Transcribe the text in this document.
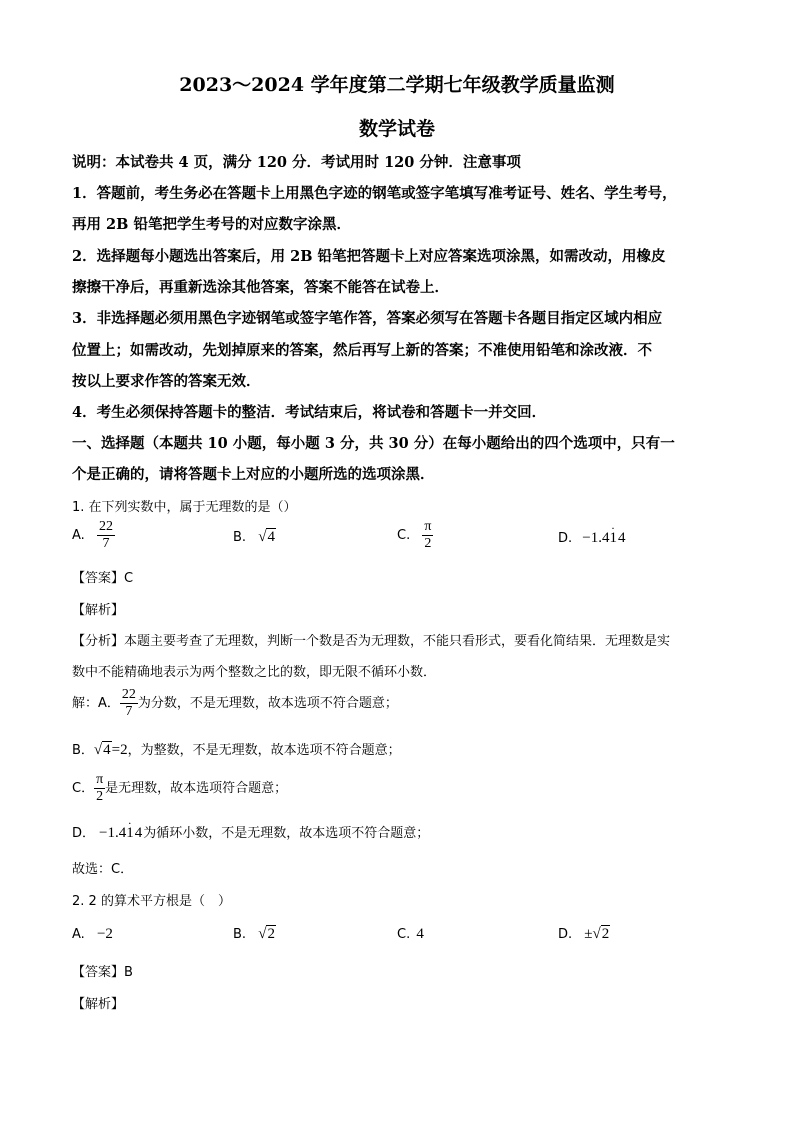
2023～2024 学年度第二学期七年级教学质量监测
数学试卷
说明：本试卷共 4 页，满分 120 分．考试用时 120 分钟．注意事项
1．答题前，考生务必在答题卡上用黑色字迹的钢笔或签字笔填写准考证号、姓名、学生考号，
再用 2B 铅笔把学生考号的对应数字涂黑．
2．选择题每小题选出答案后，用 2B 铅笔把答题卡上对应答案选项涂黑，如需改动，用橡皮
擦擦干净后，再重新选涂其他答案，答案不能答在试卷上．
3．非选择题必须用黑色字迹钢笔或签字笔作答，答案必须写在答题卡各题目指定区域内相应
位置上；如需改动，先划掉原来的答案，然后再写上新的答案；不准使用铅笔和涂改液．不
按以上要求作答的答案无效．
4．考生必须保持答题卡的整洁．考试结束后，将试卷和答题卡一并交回．
一、选择题（本题共 10 小题，每小题 3 分，共 30 分）在每小题给出的四个选项中，只有一
个是正确的，请将答题卡上对应的小题所选的选项涂黑．
1. 在下列实数中，属于无理数的是（）
A. $\frac{22}{7}$	B. √4	C. $\frac{\pi}{2}$	D. −1.4. 14
【答案】C
【解析】
【分析】本题主要考查了无理数，判断一个数是否为无理数，不能只看形式，要看化简结果．无理数是实
数中不能精确地表示为两个整数之比的数，即无限不循环小数．
解：A． $\frac{22}{7}$ 为分数，不是无理数，故本选项不符合题意；
B．√4=2，为整数，不是无理数，故本选项不符合题意；
C． $\frac{\pi}{2}$ 是无理数，故本选项符合题意；
D． −1.4. 14为循环小数，不是无理数，故本选项不符合题意；
故选：C．
2. 2 的算术平方根是（　）
A. −2	B. √2	C. 4	D. ±√2
【答案】B
【解析】
